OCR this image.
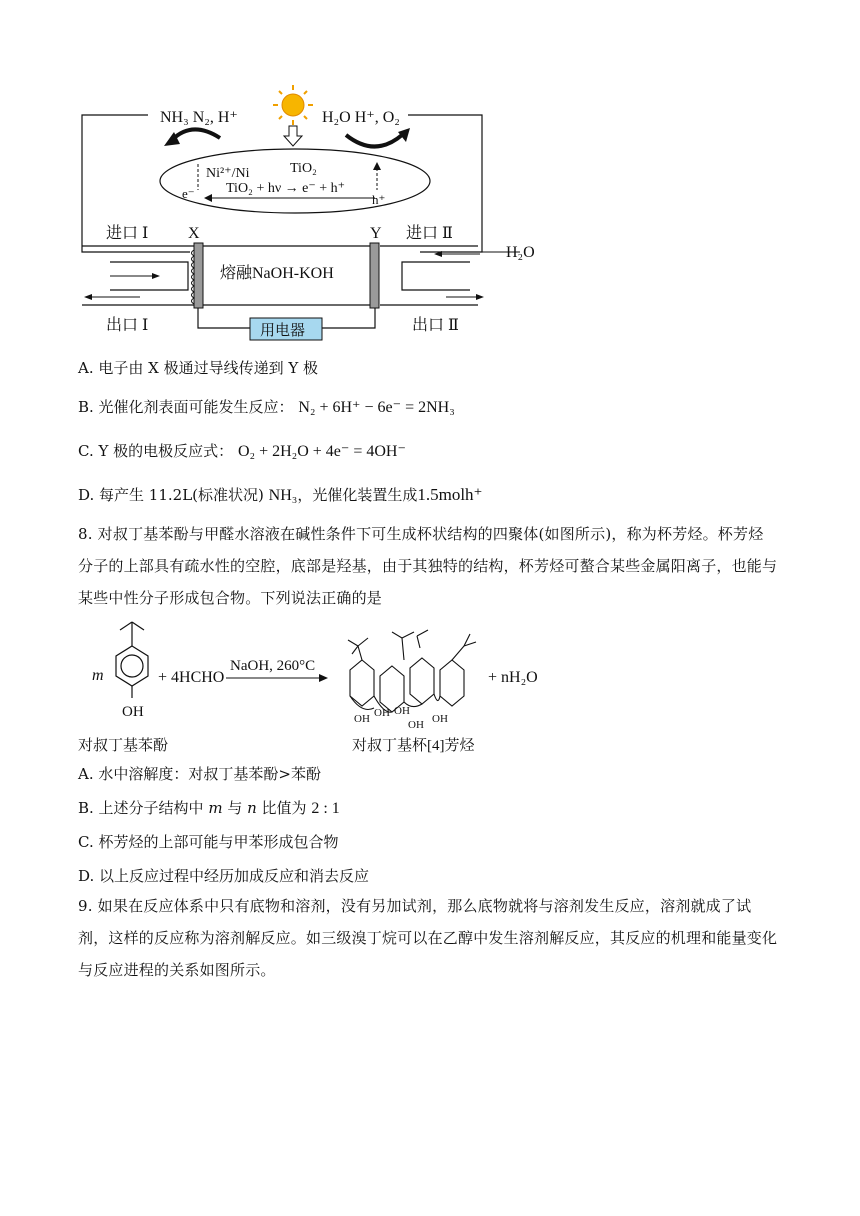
NH₃ N₂, H⁺	H₂O H⁺, O₂
Ni²⁺/Ni	TiO₂
TiO₂ + hν → e⁻ + h⁺
e⁻	h⁺
进口 Ⅰ	进口 Ⅱ
出口 Ⅰ	出口 Ⅱ
X	Y
H₂O
熔融NaOH-KOH
用电器
A. 电子由 X 极通过导线传递到 Y 极
B. 光催化剂表面可能发生反应： N₂ + 6H⁺ − 6e⁻ = 2NH₃
C. Y 极的电极反应式： O₂ + 2H₂O + 4e⁻ = 4OH⁻
D. 每产生 11.2L(标准状况) NH₃，光催化装置生成1.5molh⁺

8. 对叔丁基苯酚与甲醛水溶液在碱性条件下可生成杯状结构的四聚体(如图所示)，称为杯芳烃。杯芳烃分子的上部具有疏水性的空腔，底部是羟基，由于其独特的结构，杯芳烃可螯合某些金属阳离子，也能与某些中性分子形成包合物。下列说法正确的是

m
OH
+ 4HCHO
NaOH, 260°C
OH OH OH
OH OH
+ nH₂O
对叔丁基苯酚	对叔丁基杯[4]芳烃
A. 水中溶解度：对叔丁基苯酚>苯酚
B. 上述分子结构中 m 与 n 比值为 2 : 1
C. 杯芳烃的上部可能与甲苯形成包合物
D. 以上反应过程中经历加成反应和消去反应

9. 如果在反应体系中只有底物和溶剂，没有另加试剂，那么底物就将与溶剂发生反应，溶剂就成了试剂，这样的反应称为溶剂解反应。如三级溴丁烷可以在乙醇中发生溶剂解反应，其反应的机理和能量变化与反应进程的关系如图所示。
